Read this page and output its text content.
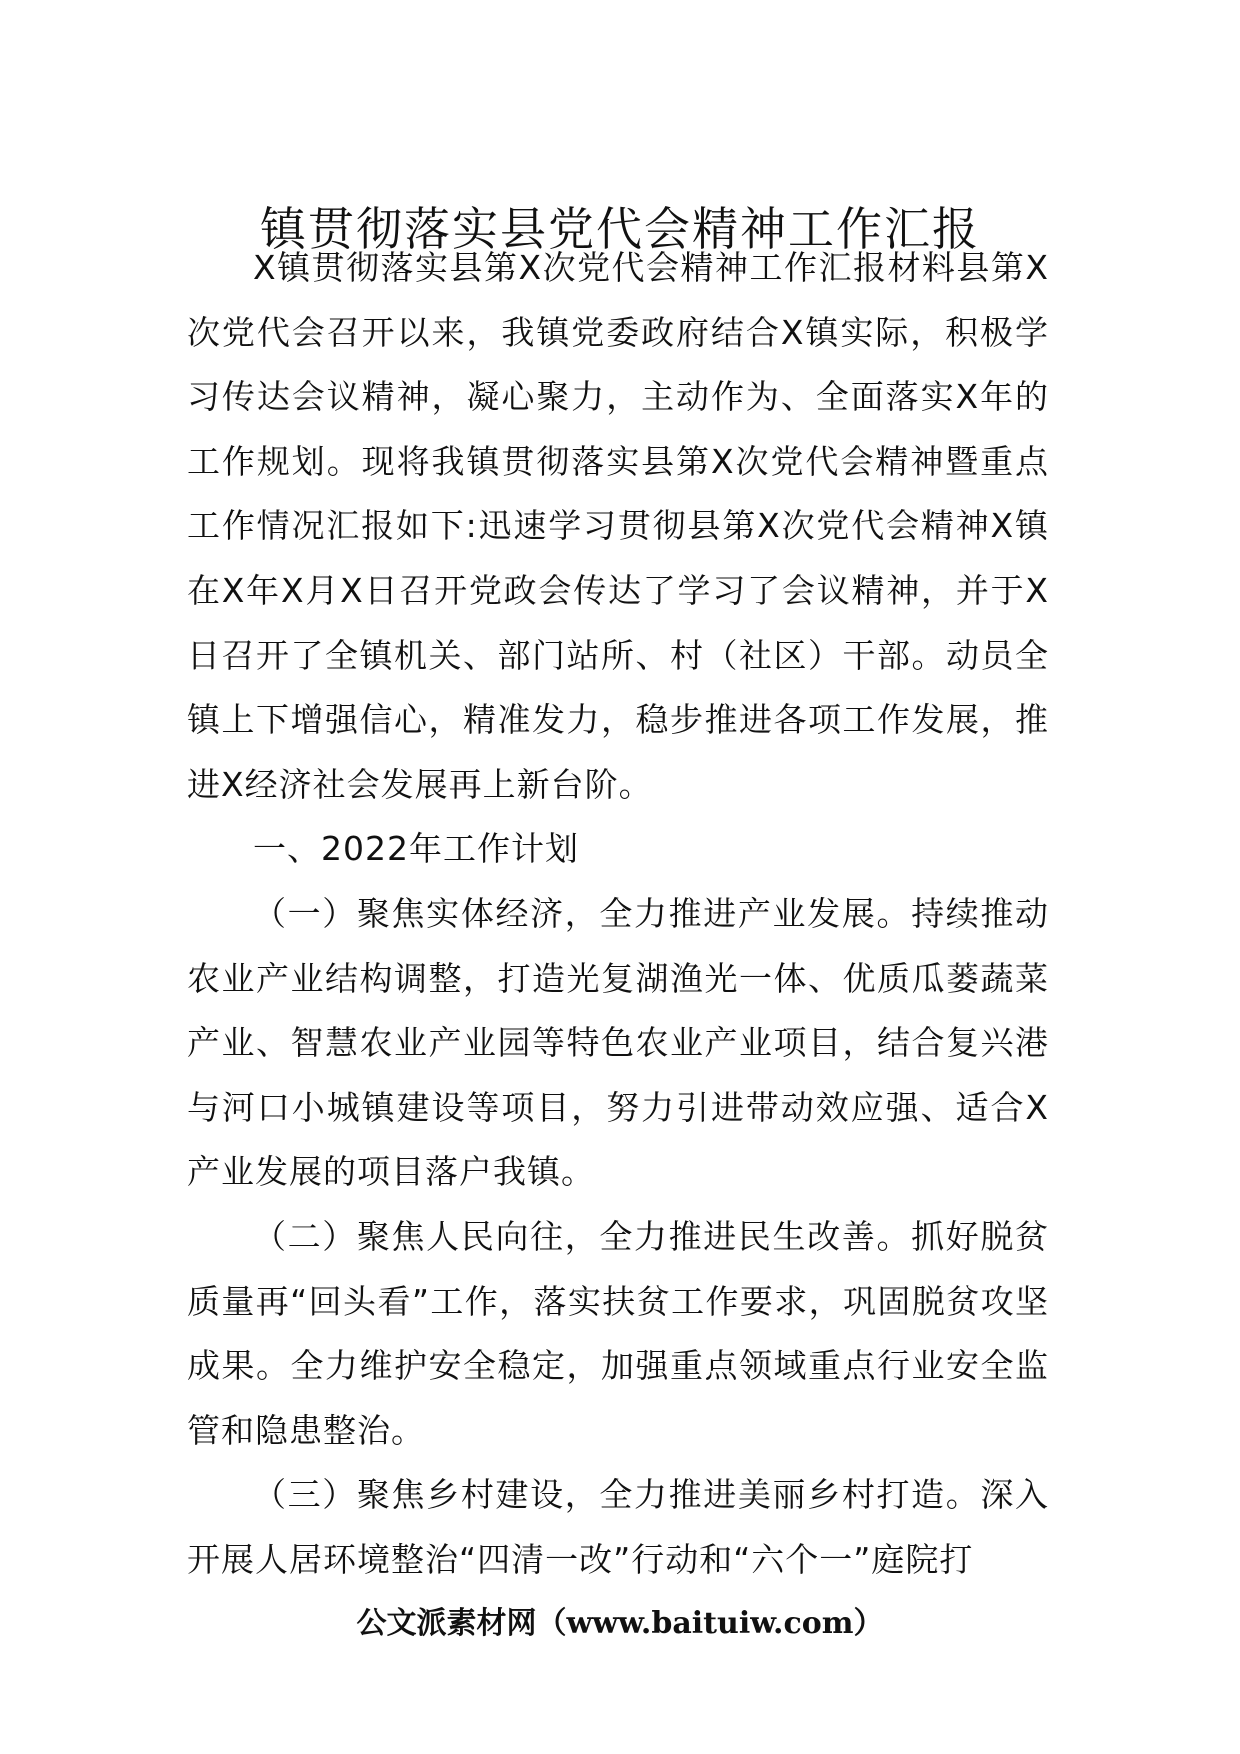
镇贯彻落实县党代会精神工作汇报

X镇贯彻落实县第X次党代会精神工作汇报材料县第X次党代会召开以来，我镇党委政府结合X镇实际，积极学习传达会议精神，凝心聚力，主动作为、全面落实X年的工作规划。现将我镇贯彻落实县第X次党代会精神暨重点工作情况汇报如下:迅速学习贯彻县第X次党代会精神X镇在X年X月X日召开党政会传达了学习了会议精神，并于X日召开了全镇机关、部门站所、村（社区）干部。动员全镇上下增强信心，精准发力，稳步推进各项工作发展，推进X经济社会发展再上新台阶。

一、2022年工作计划

（一）聚焦实体经济，全力推进产业发展。持续推动农业产业结构调整，打造光复湖渔光一体、优质瓜蒌蔬菜产业、智慧农业产业园等特色农业产业项目，结合复兴港与河口小城镇建设等项目，努力引进带动效应强、适合X产业发展的项目落户我镇。

（二）聚焦人民向往，全力推进民生改善。抓好脱贫质量再“回头看”工作，落实扶贫工作要求，巩固脱贫攻坚成果。全力维护安全稳定，加强重点领域重点行业安全监管和隐患整治。

（三）聚焦乡村建设，全力推进美丽乡村打造。深入开展人居环境整治“四清一改”行动和“六个一”庭院打

公文派素材网（www.baituiw.com）
